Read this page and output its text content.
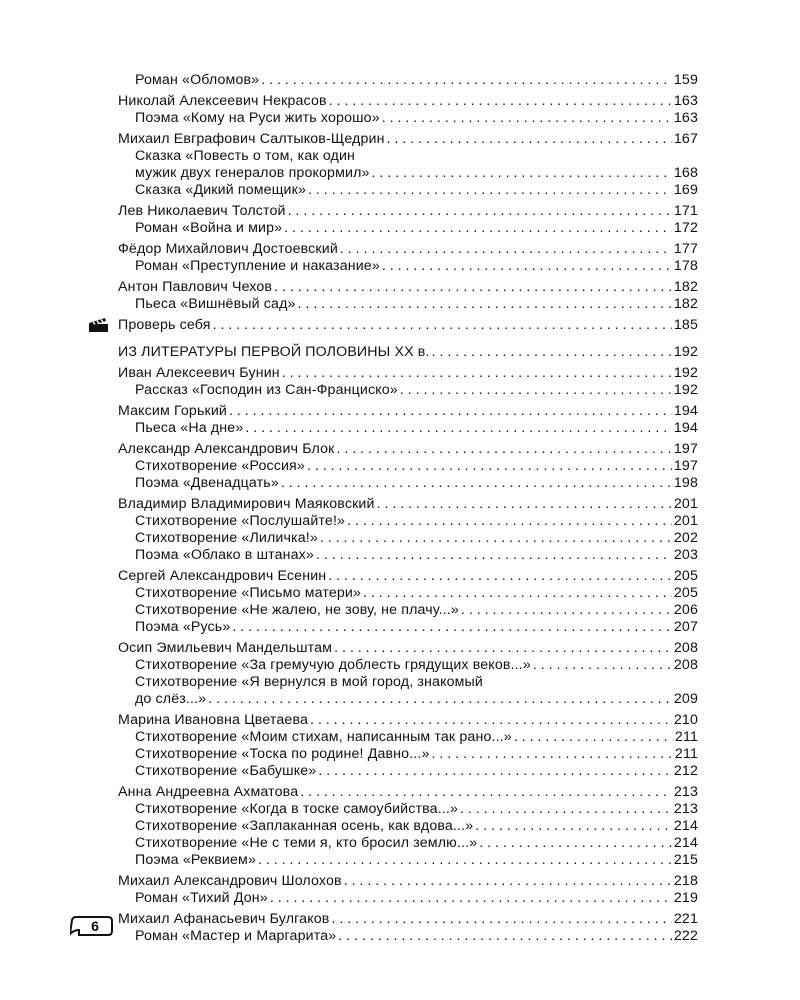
Роман «Обломов» . . .	159
Николай Алексеевич Некрасов . . .	163
Поэма «Кому на Руси жить хорошо» . . .	163
Михаил Евграфович Салтыков-Щедрин . . .	167
Сказка «Повесть о том, как один
мужик двух генералов прокормил» . . .	168
Сказка «Дикий помещик» . . .	169
Лев Николаевич Толстой . . .	171
Роман «Война и мир» . . .	172
Фёдор Михайлович Достоевский . . .	177
Роман «Преступление и наказание» . . .	178
Антон Павлович Чехов . . .	182
Пьеса «Вишнёвый сад» . . .	182
Проверь себя . . .	185
ИЗ ЛИТЕРАТУРЫ ПЕРВОЙ ПОЛОВИНЫ XX в. . . .	192
Иван Алексеевич Бунин . . .	192
Рассказ «Господин из Сан-Франциско» . . .	192
Максим Горький . . .	194
Пьеса «На дне» . . .	194
Александр Александрович Блок . . .	197
Стихотворение «Россия» . . .	197
Поэма «Двенадцать» . . .	198
Владимир Владимирович Маяковский . . .	201
Стихотворение «Послушайте!» . . .	201
Стихотворение «Лиличка!» . . .	202
Поэма «Облако в штанах» . . .	203
Сергей Александрович Есенин . . .	205
Стихотворение «Письмо матери» . . .	205
Стихотворение «Не жалею, не зову, не плачу...» . . .	206
Поэма «Русь» . . .	207
Осип Эмильевич Мандельштам . . .	208
Стихотворение «За гремучую доблесть грядущих веков...» . . .	208
Стихотворение «Я вернулся в мой город, знакомый
до слёз...» . . .	209
Марина Ивановна Цветаева . . .	210
Стихотворение «Моим стихам, написанным так рано...» . . .	211
Стихотворение «Тоска по родине! Давно...» . . .	211
Стихотворение «Бабушке» . . .	212
Анна Андреевна Ахматова . . .	213
Стихотворение «Когда в тоске самоубийства...» . . .	213
Стихотворение «Заплаканная осень, как вдова...» . . .	214
Стихотворение «Не с теми я, кто бросил землю...» . . .	214
Поэма «Реквием» . . .	215
Михаил Александрович Шолохов . . .	218
Роман «Тихий Дон» . . .	219
Михаил Афанасьевич Булгаков . . .	221
Роман «Мастер и Маргарита» . . .	222
6
